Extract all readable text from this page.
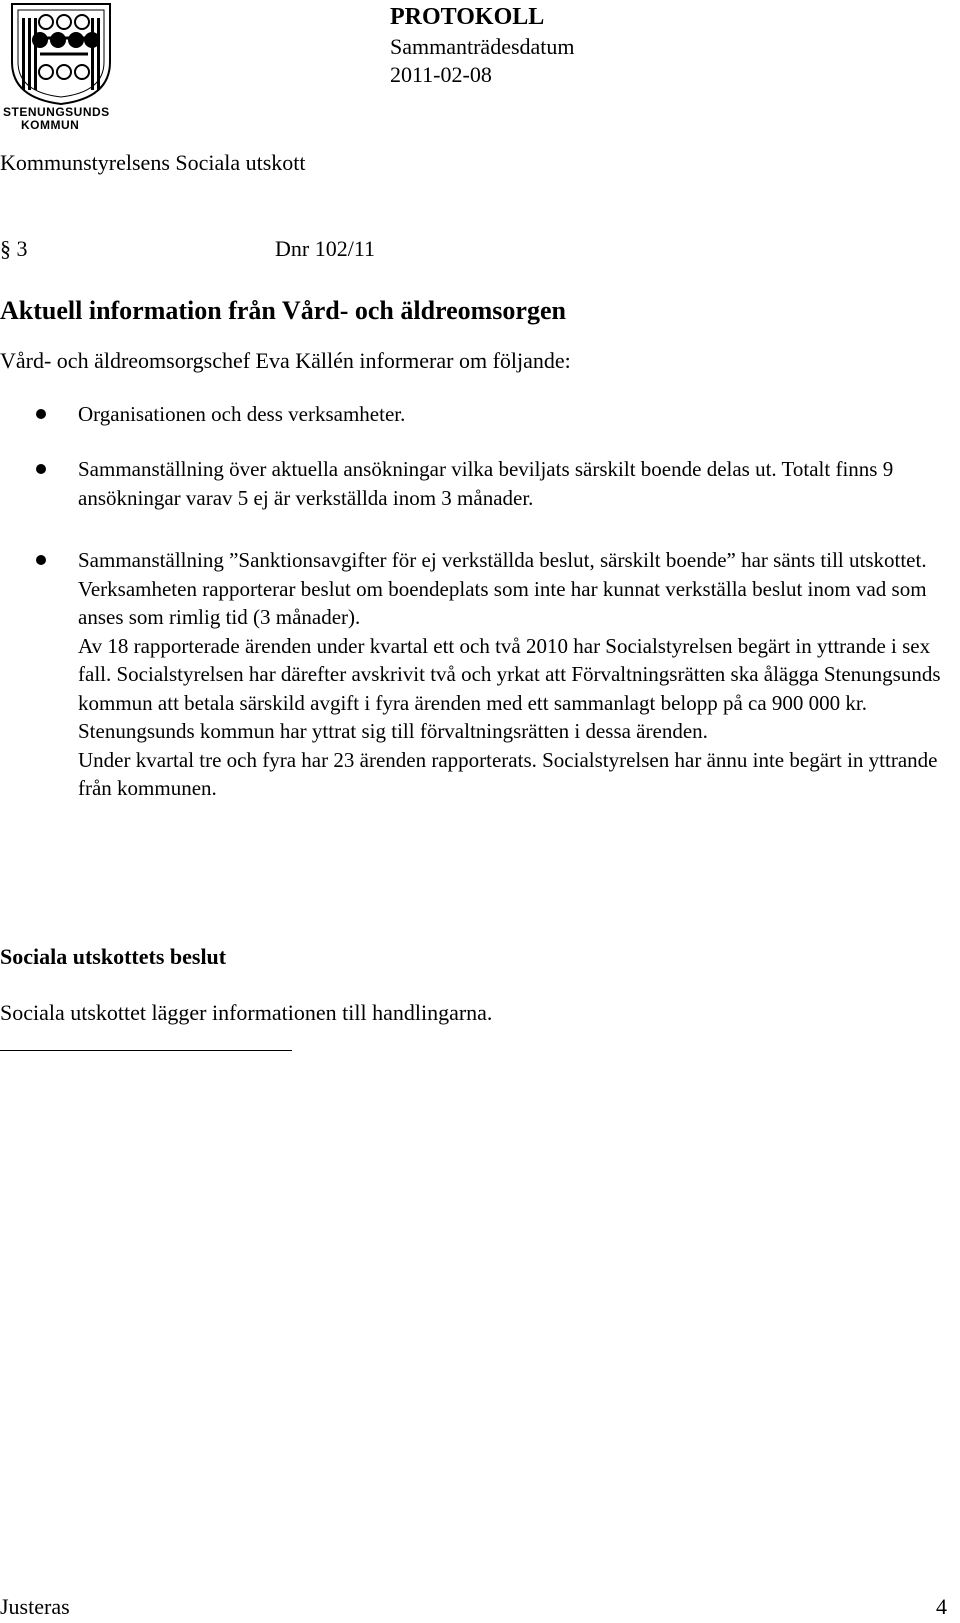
STENUNGSUNDS
KOMMUN
PROTOKOLL
Sammanträdesdatum
2011-02-08
Kommunstyrelsens Sociala utskott
§ 3	Dnr 102/11
Aktuell information från Vård- och äldreomsorgen
Vård- och äldreomsorgschef Eva Källén informerar om följande:

Organisationen och dess verksamheter.

Sammanställning över aktuella ansökningar vilka beviljats särskilt boende delas ut. Totalt finns 9 ansökningar varav 5 ej är verkställda inom 3 månader.

Sammanställning ”Sanktionsavgifter för ej verkställda beslut, särskilt boende” har sänts till utskottet.

Verksamheten rapporterar beslut om boendeplats som inte har kunnat verkställa beslut inom vad som anses som rimlig tid (3 månader).

Av 18 rapporterade ärenden under kvartal ett och två 2010 har Socialstyrelsen begärt in yttrande i sex fall. Socialstyrelsen har därefter avskrivit två och yrkat att Förvaltningsrätten ska ålägga Stenungsunds kommun att betala särskild avgift i fyra ärenden med ett sammanlagt belopp på ca 900 000 kr. Stenungsunds kommun har yttrat sig till förvaltningsrätten i dessa ärenden.

Under kvartal tre och fyra har 23 ärenden rapporterats. Socialstyrelsen har ännu inte begärt in yttrande från kommunen.

Sociala utskottets beslut
Sociala utskottet lägger informationen till handlingarna.
Justeras	4
